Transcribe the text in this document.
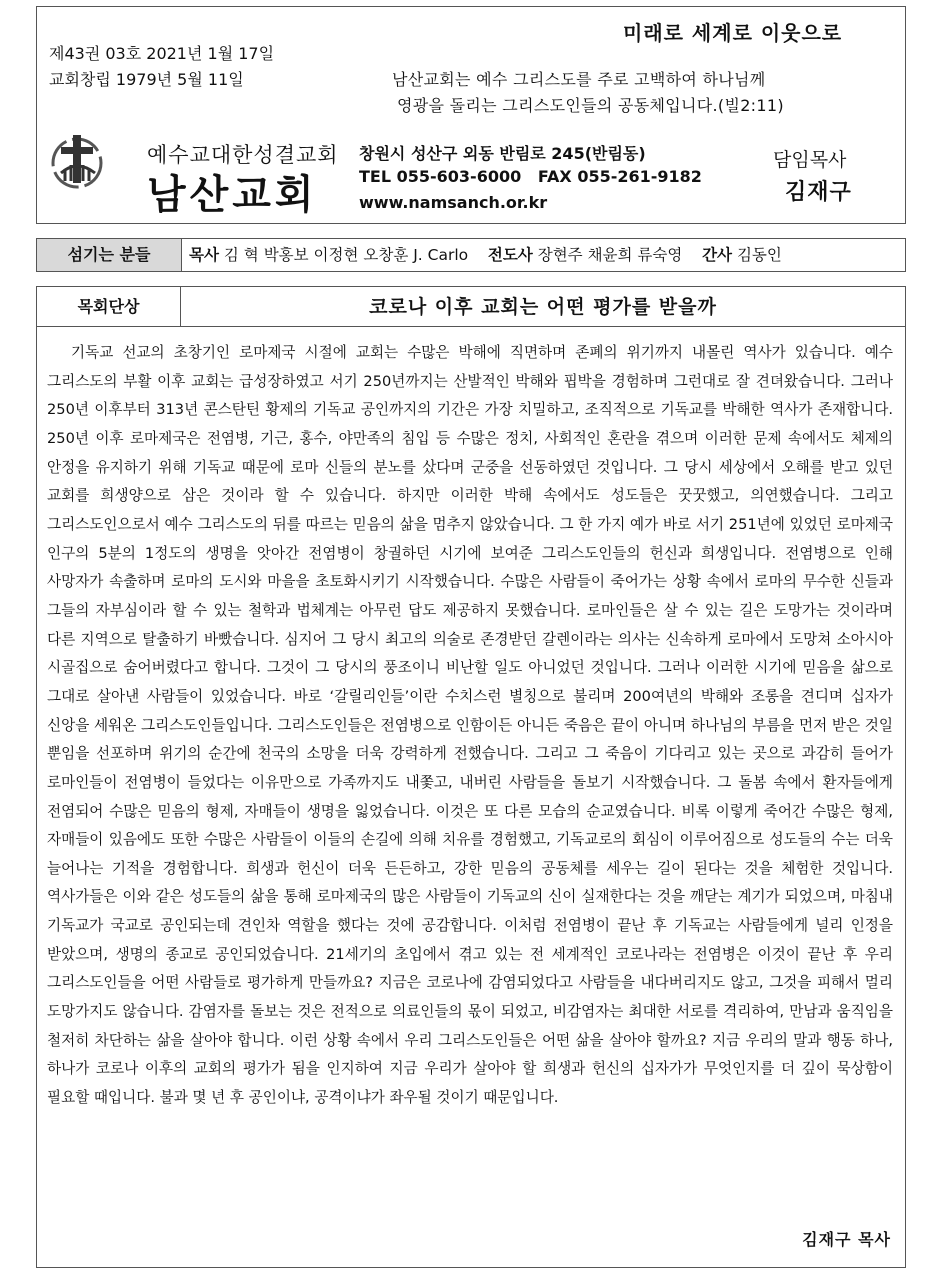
미래로 세계로 이웃으로
제43권 03호 2021년 1월 17일
교회창립 1979년 5월 11일	남산교회는 예수 그리스도를 주로 고백하여 하나님께
영광을 돌리는 그리스도인들의 공동체입니다.(빌2:11)
예수교대한성결교회
남산교회
창원시 성산구 외동 반림로 245(반림동)
TEL 055-603-6000   FAX 055-261-9182
www.namsanch.or.kr
담임목사
김재구
섬기는 분들	목사 김 혁 박홍보 이정현 오창훈 J. Carlo 전도사 장현주 채윤희 류숙영 간사 김동인
목회단상	코로나 이후 교회는 어떤 평가를 받을까
기독교 선교의 초창기인 로마제국 시절에 교회는 수많은 박해에 직면하며 존폐의 위기까지 내몰린 역사가 있습니다. 예수 그리스도의 부활 이후 교회는 급성장하였고 서기 250년까지는 산발적인 박해와 핍박을 경험하며 그런대로 잘 견뎌왔습니다. 그러나 250년 이후부터 313년 콘스탄틴 황제의 기독교 공인까지의 기간은 가장 치밀하고, 조직적으로 기독교를 박해한 역사가 존재합니다. 250년 이후 로마제국은 전염병, 기근, 홍수, 야만족의 침입 등 수많은 정치, 사회적인 혼란을 겪으며 이러한 문제 속에서도 체제의 안정을 유지하기 위해 기독교 때문에 로마 신들의 분노를 샀다며 군중을 선동하였던 것입니다. 그 당시 세상에서 오해를 받고 있던 교회를 희생양으로 삼은 것이라 할 수 있습니다. 하지만 이러한 박해 속에서도 성도들은 꿋꿋했고, 의연했습니다. 그리고 그리스도인으로서 예수 그리스도의 뒤를 따르는 믿음의 삶을 멈추지 않았습니다. 그 한 가지 예가 바로 서기 251년에 있었던 로마제국 인구의 5분의 1정도의 생명을 앗아간 전염병이 창궐하던 시기에 보여준 그리스도인들의 헌신과 희생입니다. 전염병으로 인해 사망자가 속출하며 로마의 도시와 마을을 초토화시키기 시작했습니다. 수많은 사람들이 죽어가는 상황 속에서 로마의 무수한 신들과 그들의 자부심이라 할 수 있는 철학과 법체계는 아무런 답도 제공하지 못했습니다. 로마인들은 살 수 있는 길은 도망가는 것이라며 다른 지역으로 탈출하기 바빴습니다. 심지어 그 당시 최고의 의술로 존경받던 갈렌이라는 의사는 신속하게 로마에서 도망쳐 소아시아 시골집으로 숨어버렸다고 합니다. 그것이 그 당시의 풍조이니 비난할 일도 아니었던 것입니다. 그러나 이러한 시기에 믿음을 삶으로 그대로 살아낸 사람들이 있었습니다. 바로 ‘갈릴리인들’이란 수치스런 별칭으로 불리며 200여년의 박해와 조롱을 견디며 십자가 신앙을 세워온 그리스도인들입니다. 그리스도인들은 전염병으로 인함이든 아니든 죽음은 끝이 아니며 하나님의 부름을 먼저 받은 것일 뿐임을 선포하며 위기의 순간에 천국의 소망을 더욱 강력하게 전했습니다. 그리고 그 죽음이 기다리고 있는 곳으로 과감히 들어가 로마인들이 전염병이 들었다는 이유만으로 가족까지도 내쫓고, 내버린 사람들을 돌보기 시작했습니다. 그 돌봄 속에서 환자들에게 전염되어 수많은 믿음의 형제, 자매들이 생명을 잃었습니다. 이것은 또 다른 모습의 순교였습니다. 비록 이렇게 죽어간 수많은 형제, 자매들이 있음에도 또한 수많은 사람들이 이들의 손길에 의해 치유를 경험했고, 기독교로의 회심이 이루어짐으로 성도들의 수는 더욱 늘어나는 기적을 경험합니다. 희생과 헌신이 더욱 든든하고, 강한 믿음의 공동체를 세우는 길이 된다는 것을 체험한 것입니다. 역사가들은 이와 같은 성도들의 삶을 통해 로마제국의 많은 사람들이 기독교의 신이 실재한다는 것을 깨닫는 계기가 되었으며, 마침내 기독교가 국교로 공인되는데 견인차 역할을 했다는 것에 공감합니다. 이처럼 전염병이 끝난 후 기독교는 사람들에게 널리 인정을 받았으며, 생명의 종교로 공인되었습니다. 21세기의 초입에서 겪고 있는 전 세계적인 코로나라는 전염병은 이것이 끝난 후 우리 그리스도인들을 어떤 사람들로 평가하게 만들까요? 지금은 코로나에 감염되었다고 사람들을 내다버리지도 않고, 그것을 피해서 멀리 도망가지도 않습니다. 감염자를 돌보는 것은 전적으로 의료인들의 몫이 되었고, 비감염자는 최대한 서로를 격리하여, 만남과 움직임을 철저히 차단하는 삶을 살아야 합니다. 이런 상황 속에서 우리 그리스도인들은 어떤 삶을 살아야 할까요? 지금 우리의 말과 행동 하나, 하나가 코로나 이후의 교회의 평가가 됨을 인지하여 지금 우리가 살아야 할 희생과 헌신의 십자가가 무엇인지를 더 깊이 묵상함이 필요할 때입니다. 불과 몇 년 후 공인이냐, 공격이냐가 좌우될 것이기 때문입니다.
김재구 목사
